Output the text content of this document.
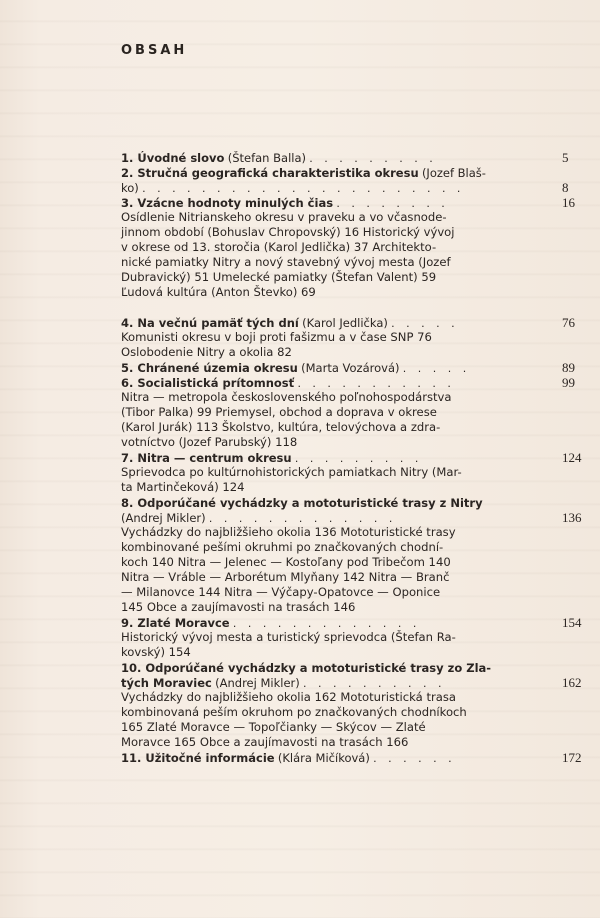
OBSAH
1. Úvodné slovo (Štefan Balla) . . . . . . . . .	5
2. Stručná geografická charakteristika okresu (Jozef Blaš-
ko) . . . . . . . . . . . . . . . . . . . . . .	8
3. Vzácne hodnoty minulých čias . . . . . . . .	16
Osídlenie Nitrianskeho okresu v praveku a vo včasnode-
jinnom období (Bohuslav Chropovský) 16 Historický vývoj
v okrese od 13. storočia (Karol Jedlička) 37 Architekto-
nické pamiatky Nitry a nový stavebný vývoj mesta (Jozef
Dubravický) 51 Umelecké pamiatky (Štefan Valent) 59
Ľudová kultúra (Anton Števko) 69
4. Na večnú pamäť tých dní (Karol Jedlička) . . . . .	76
Komunisti okresu v boji proti fašizmu a v čase SNP 76
Oslobodenie Nitry a okolia 82
5. Chránené územia okresu (Marta Vozárová) . . . . .	89
6. Socialistická prítomnosť . . . . . . . . . . .	99
Nitra — metropola československého poľnohospodárstva
(Tibor Palka) 99 Priemysel, obchod a doprava v okrese
(Karol Jurák) 113 Školstvo, kultúra, telovýchova a zdra-
votníctvo (Jozef Parubský) 118
7. Nitra — centrum okresu . . . . . . . . .	124
Sprievodca po kultúrnohistorických pamiatkach Nitry (Mar-
ta Martinčeková) 124
8. Odporúčané vychádzky a mototuristické trasy z Nitry
(Andrej Mikler) . . . . . . . . . . . . .	136
Vychádzky do najbližšieho okolia 136 Mototuristické trasy
kombinované pešími okruhmi po značkovaných chodní-
koch 140 Nitra — Jelenec — Kostoľany pod Tribečom 140
Nitra — Vráble — Arborétum Mlyňany 142 Nitra — Branč
— Milanovce 144 Nitra — Výčapy-Opatovce — Oponice
145 Obce a zaujímavosti na trasách 146
9. Zlaté Moravce . . . . . . . . . . . . .	154
Historický vývoj mesta a turistický sprievodca (Štefan Ra-
kovský) 154
10. Odporúčané vychádzky a mototuristické trasy zo Zla-
tých Moraviec (Andrej Mikler) . . . . . . . . . .	162
Vychádzky do najbližšieho okolia 162 Mototuristická trasa
kombinovaná peším okruhom po značkovaných chodníkoch
165 Zlaté Moravce — Topoľčianky — Skýcov — Zlaté
Moravce 165 Obce a zaujímavosti na trasách 166
11. Užitočné informácie (Klára Mičíková) . . . . . .	172
